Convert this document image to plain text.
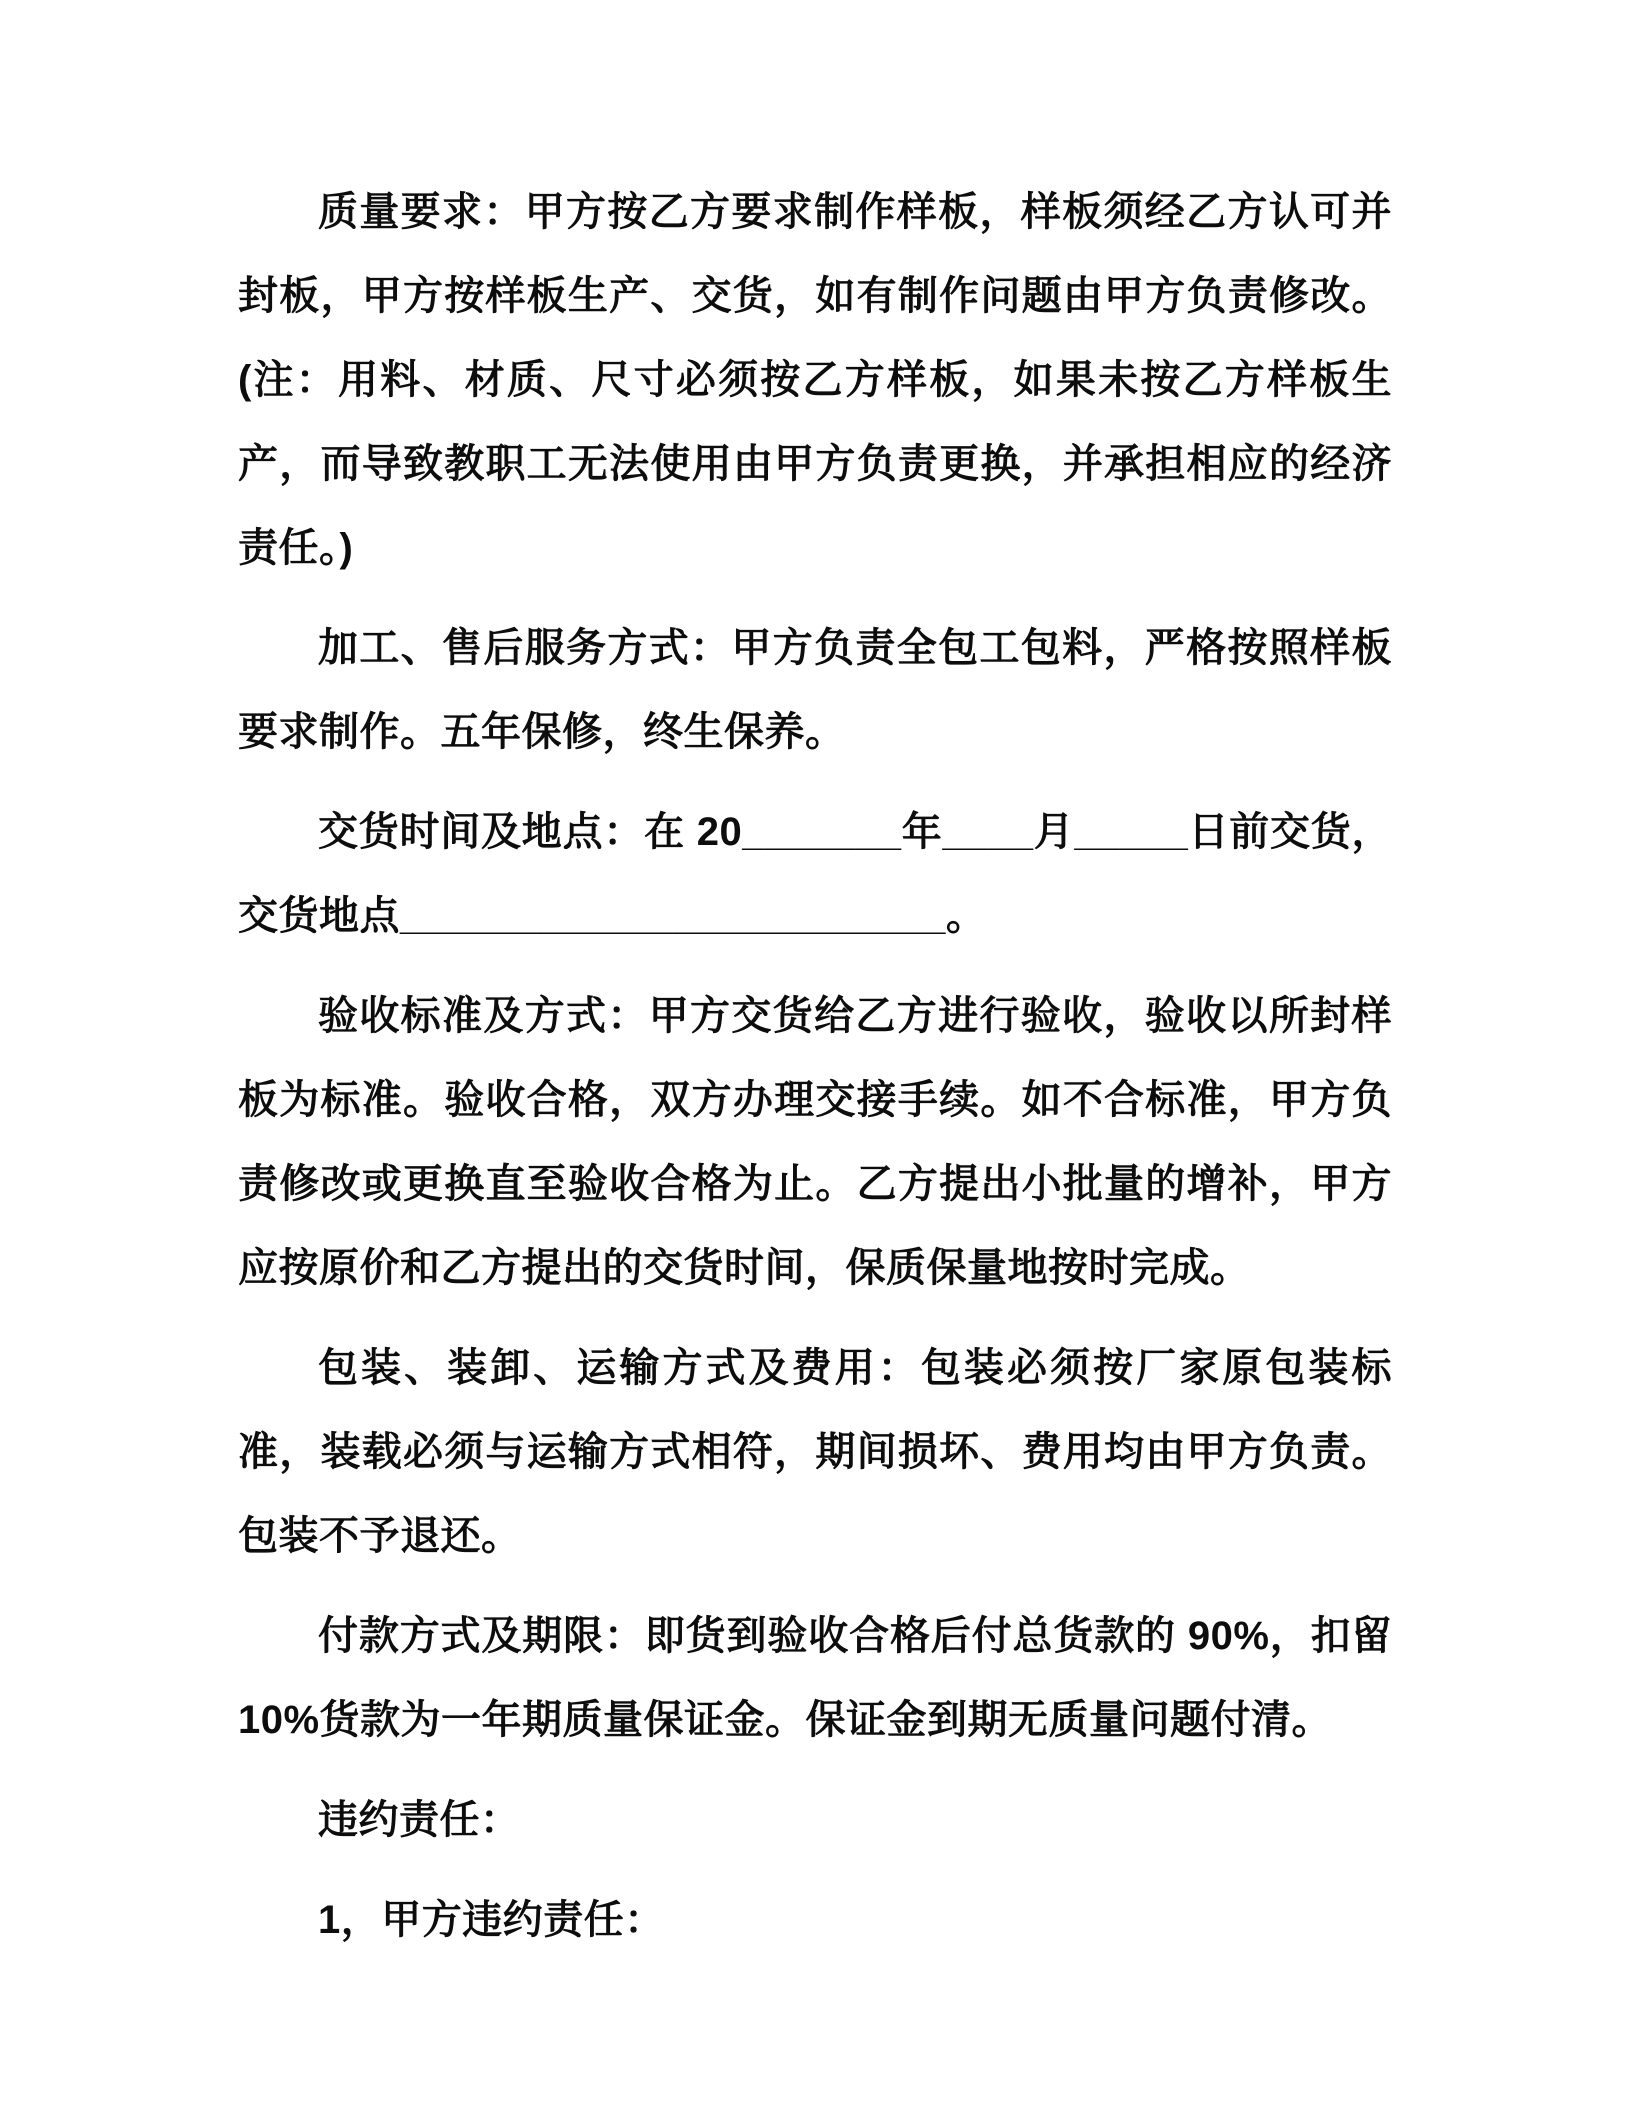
质量要求：甲方按乙方要求制作样板，样板须经乙方认可并封板，甲方按样板生产、交货，如有制作问题由甲方负责修改。(注：用料、材质、尺寸必须按乙方样板，如果未按乙方样板生产，而导致教职工无法使用由甲方负责更换，并承担相应的经济责任。)

加工、售后服务方式：甲方负责全包工包料，严格按照样板要求制作。五年保修，终生保养。

交货时间及地点：在 20_______年____月_____日前交货，交货地点________________________。

验收标准及方式：甲方交货给乙方进行验收，验收以所封样板为标准。验收合格，双方办理交接手续。如不合标准，甲方负责修改或更换直至验收合格为止。乙方提出小批量的增补，甲方应按原价和乙方提出的交货时间，保质保量地按时完成。

包装、装卸、运输方式及费用：包装必须按厂家原包装标准，装载必须与运输方式相符，期间损坏、费用均由甲方负责。包装不予退还。

付款方式及期限：即货到验收合格后付总货款的 90%，扣留10%货款为一年期质量保证金。保证金到期无质量问题付清。

违约责任：

1，甲方违约责任：
